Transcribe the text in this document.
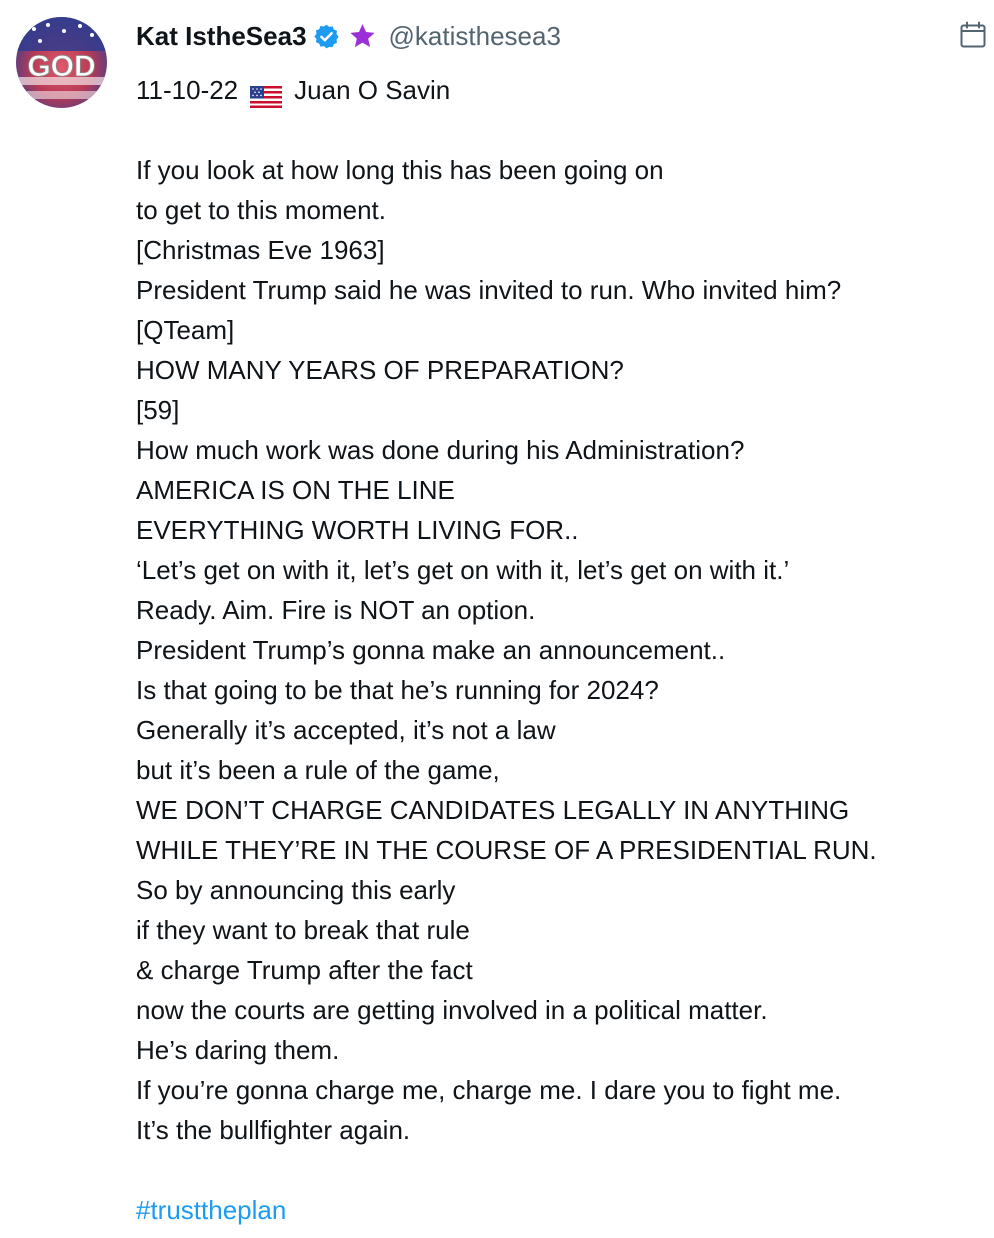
GOD
Kat IstheSea3	@katisthesea3
11-10-22 Juan O Savin
If you look at how long this has been going on
to get to this moment.
[Christmas Eve 1963]
President Trump said he was invited to run. Who invited him?
[QTeam]
HOW MANY YEARS OF PREPARATION?
[59]
How much work was done during his Administration?
AMERICA IS ON THE LINE
EVERYTHING WORTH LIVING FOR..
‘Let’s get on with it, let’s get on with it, let’s get on with it.’
Ready. Aim. Fire is NOT an option.
President Trump’s gonna make an announcement..
Is that going to be that he’s running for 2024?
Generally it’s accepted, it’s not a law
but it’s been a rule of the game,
WE DON’T CHARGE CANDIDATES LEGALLY IN ANYTHING
WHILE THEY’RE IN THE COURSE OF A PRESIDENTIAL RUN.
So by announcing this early
if they want to break that rule
& charge Trump after the fact
now the courts are getting involved in a political matter.
He’s daring them.
If you’re gonna charge me, charge me. I dare you to fight me.
It’s the bullfighter again.
#trusttheplan
